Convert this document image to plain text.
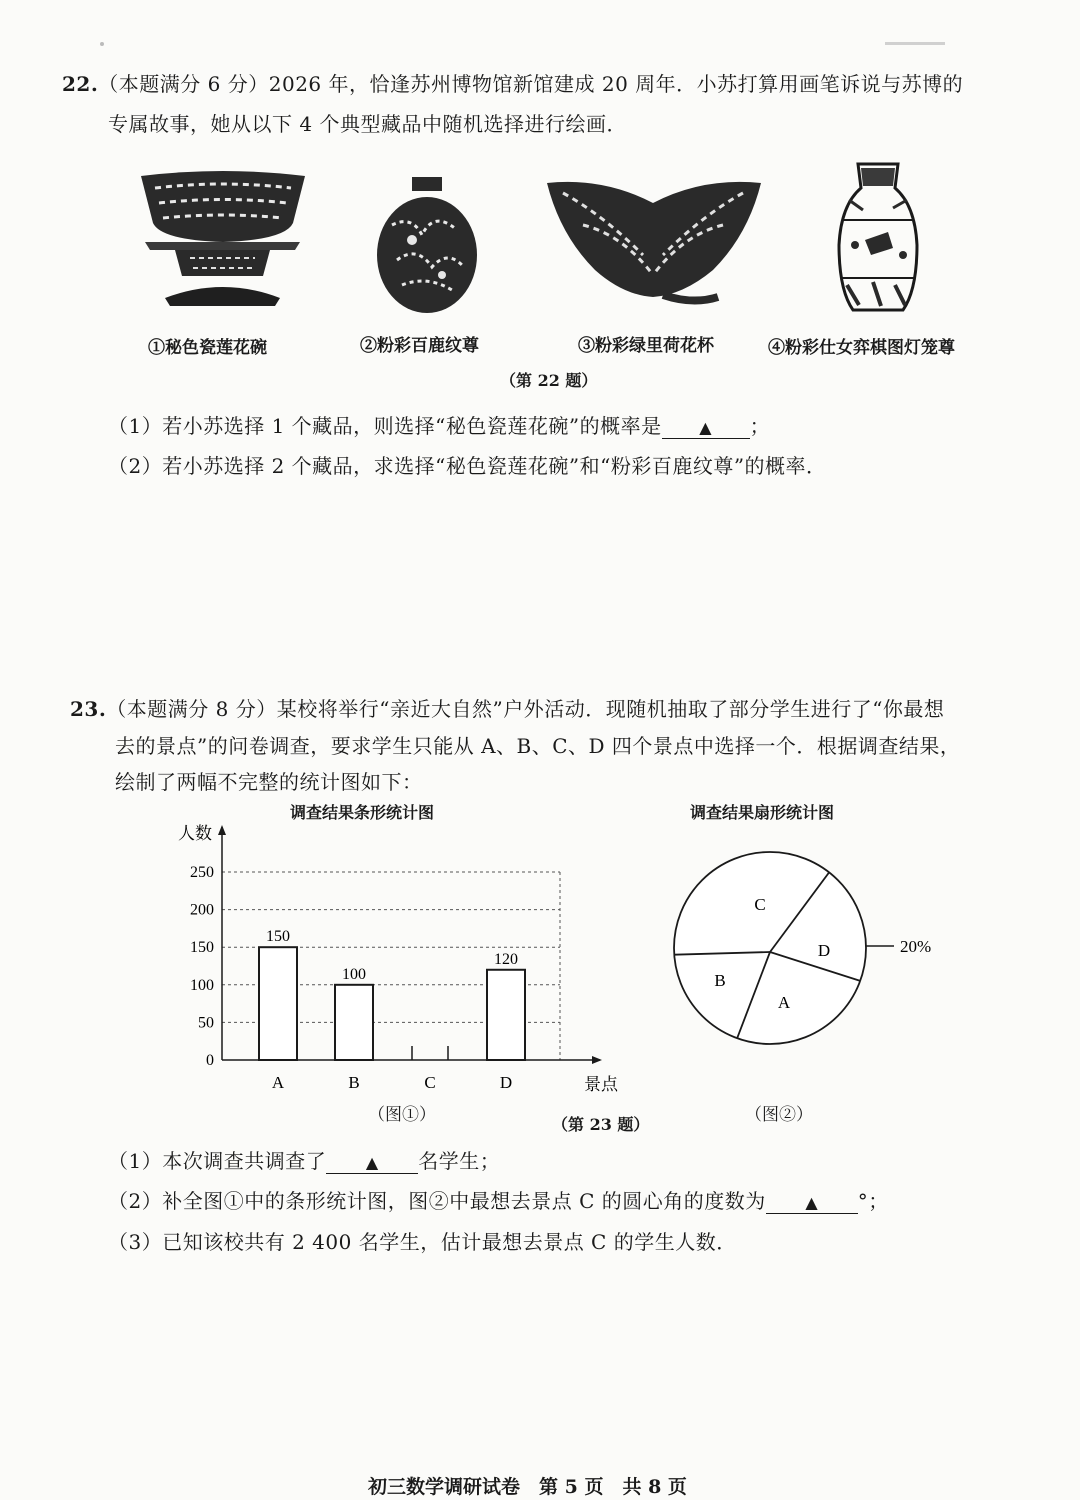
22.（本题满分 6 分）2026 年，恰逢苏州博物馆新馆建成 20 周年．小苏打算用画笔诉说与苏博的
专属故事，她从以下 4 个典型藏品中随机选择进行绘画．
①秘色瓷莲花碗	②粉彩百鹿纹尊	③粉彩绿里荷花杯	④粉彩仕女弈棋图灯笼尊
（第 22 题）
（1）若小苏选择 1 个藏品，则选择“秘色瓷莲花碗”的概率是 ▲ ；
（2）若小苏选择 2 个藏品，求选择“秘色瓷莲花碗”和“粉彩百鹿纹尊”的概率．
23.（本题满分 8 分）某校将举行“亲近大自然”户外活动．现随机抽取了部分学生进行了“你最想
去的景点”的问卷调查，要求学生只能从 A、B、C、D 四个景点中选择一个．根据调查结果，
绘制了两幅不完整的统计图如下：
调查结果条形统计图	调查结果扇形统计图
0
50
100
150
200
250
人数
景点
A
150
B
100
C	D
120
C
D
A
B
20%
（图①）	（第 23 题）	（图②）
（1）本次调查共调查了 ▲ 名学生；
（2）补全图①中的条形统计图，图②中最想去景点 C 的圆心角的度数为 ▲ °；
（3）已知该校共有 2 400 名学生，估计最想去景点 C 的学生人数．
初三数学调研试卷　第 5 页　共 8 页
